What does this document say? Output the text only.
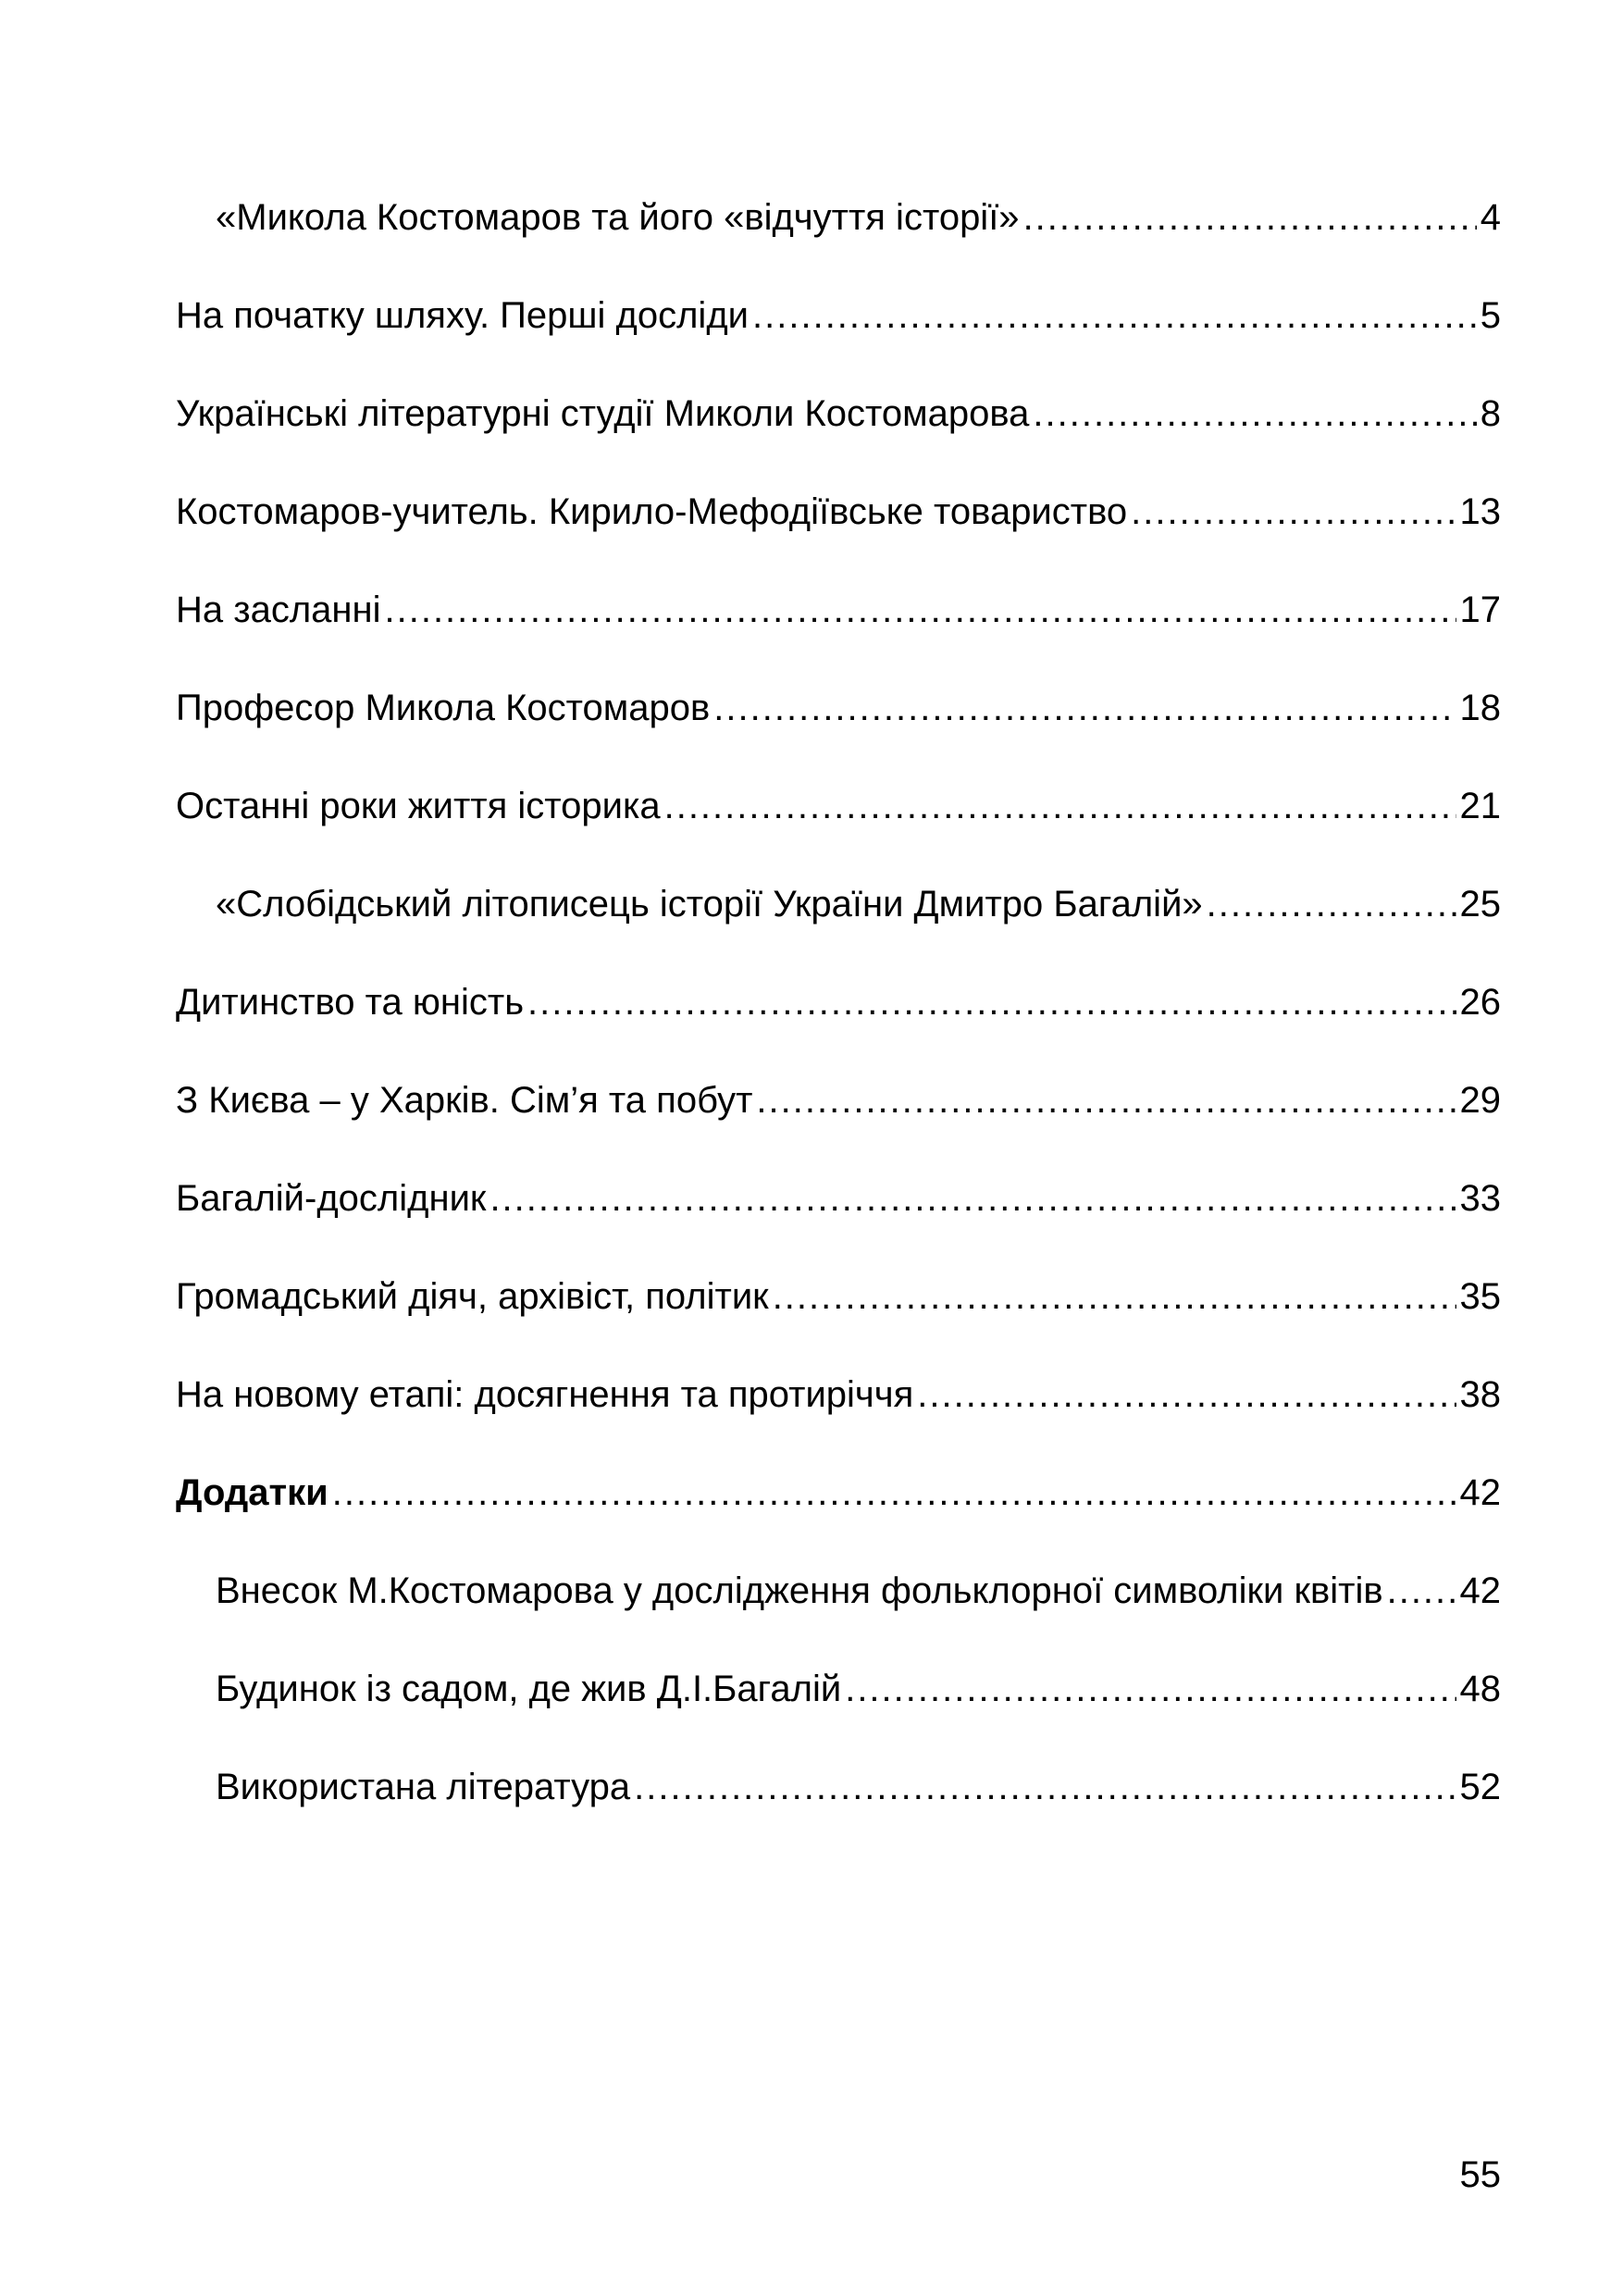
«Микола Костомаров та його «відчуття історії» .....	4
На початку шляху. Перші досліди .....	5
Українські літературні студії Миколи Костомарова .....	8
Костомаров-учитель. Кирило-Мефодіївське товариство .....	13
На засланні .....	17
Професор Микола Костомаров .....	18
Останні роки життя історика .....	21
«Слобідський літописець історії України Дмитро Багалій» .....	25
Дитинство та юність .....	26
З Києва – у Харків. Сім’я та побут .....	29
Багалій-дослідник .....	33
Громадський діяч, архівіст, політик .....	35
На новому етапі: досягнення та протиріччя .....	38
Додатки .....	42
Внесок М.Костомарова у дослідження фольклорної символіки квітів ..... 42
Будинок із садом, де жив Д.І.Багалій .....	48
Використана література .....	52
55
